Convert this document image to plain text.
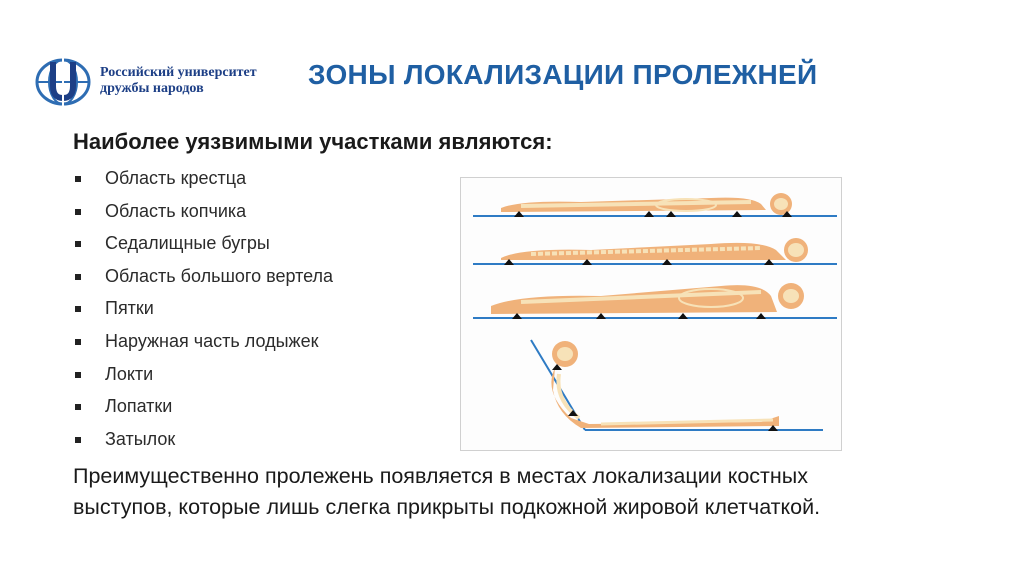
Российский университет
дружбы народов	ЗОНЫ ЛОКАЛИЗАЦИИ ПРОЛЕЖНЕЙ
Наиболее уязвимыми участками являются:
Область крестца
Область копчика
Седалищные бугры
Область большого вертела
Пятки
Наружная часть лодыжек
Локти
Лопатки
Затылок

Преимущественно пролежень появляется в местах локализации костных выступов, которые лишь слегка прикрыты подкожной жировой клетчаткой.
